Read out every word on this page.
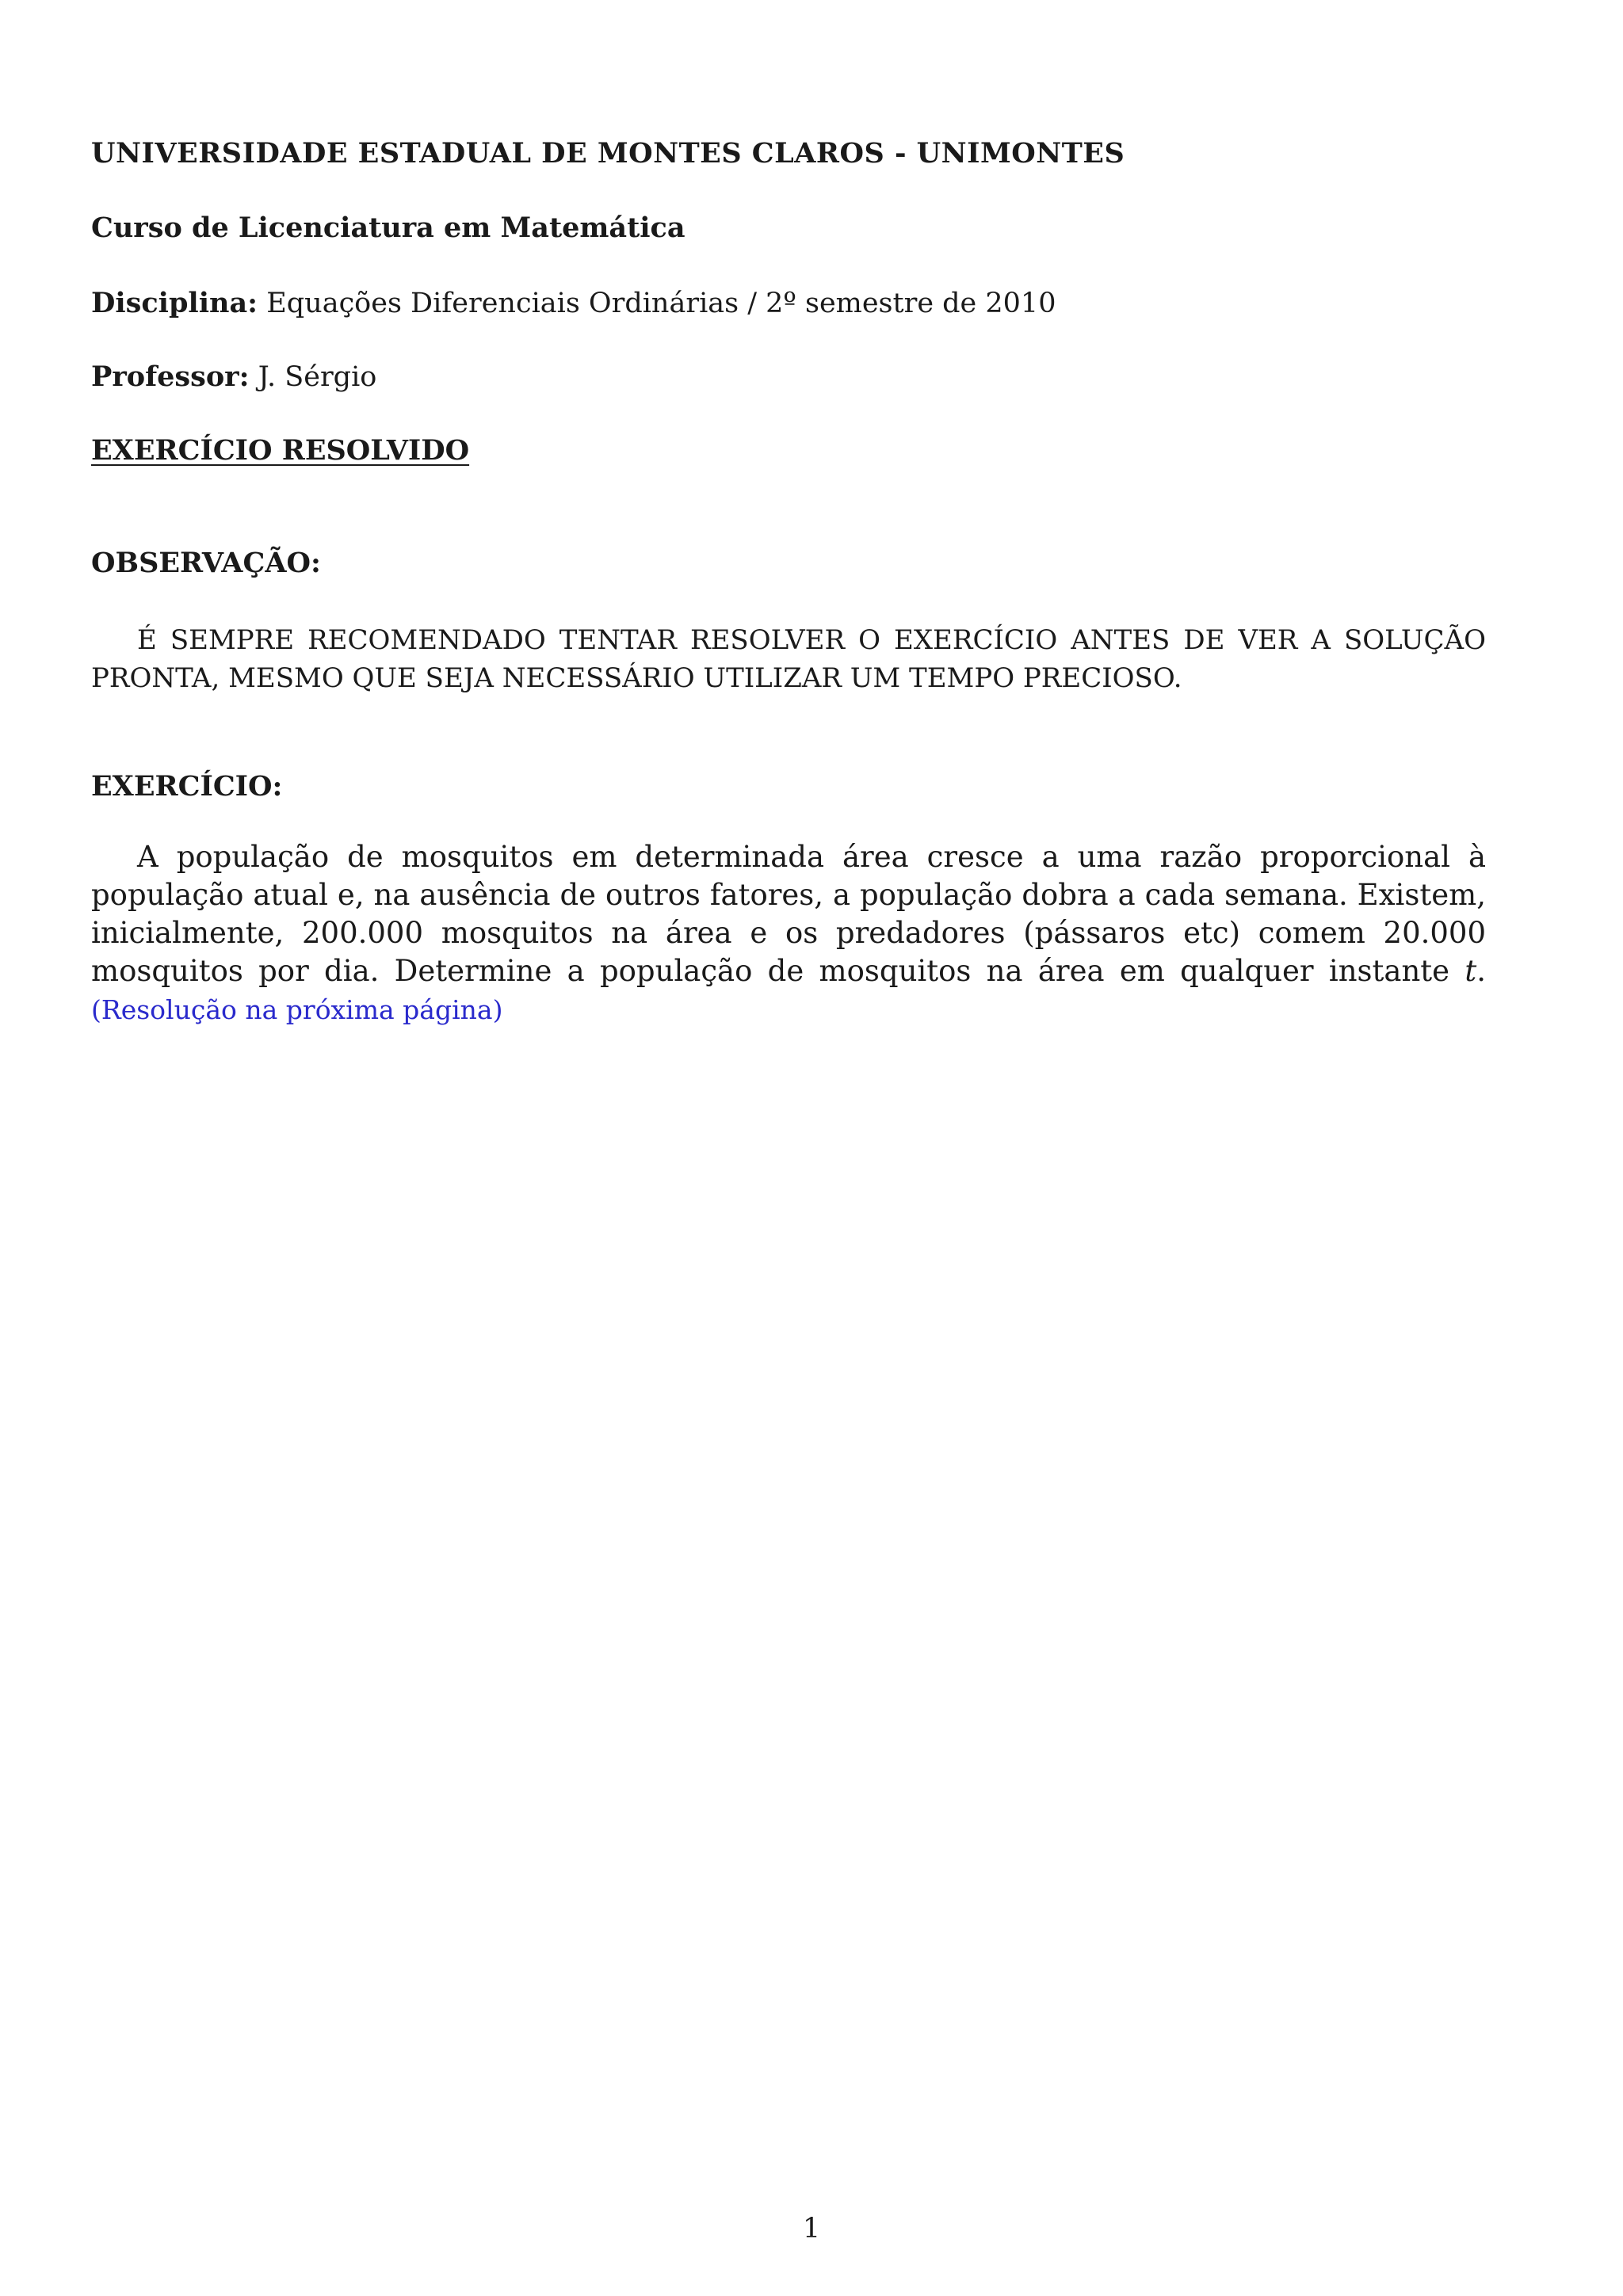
UNIVERSIDADE ESTADUAL DE MONTES CLAROS - UNIMONTES
Curso de Licenciatura em Matemática
Disciplina: Equações Diferenciais Ordinárias / 2º semestre de 2010
Professor: J. Sérgio
EXERCÍCIO RESOLVIDO
OBSERVAÇÃO:
É SEMPRE RECOMENDADO TENTAR RESOLVER O EXERCÍCIO ANTES DE VER A SOLUÇÃO PRONTA, MESMO QUE SEJA NECESSÁRIO UTILIZAR UM TEMPO PRECIOSO.
EXERCÍCIO:
A população de mosquitos em determinada área cresce a uma razão proporcional à população atual e, na ausência de outros fatores, a população dobra a cada semana. Existem, inicialmente, 200.000 mosquitos na área e os predadores (pássaros etc) comem 20.000 mosquitos por dia. Determine a população de mosquitos na área em qualquer instante t. (Resolução na próxima página)
1
